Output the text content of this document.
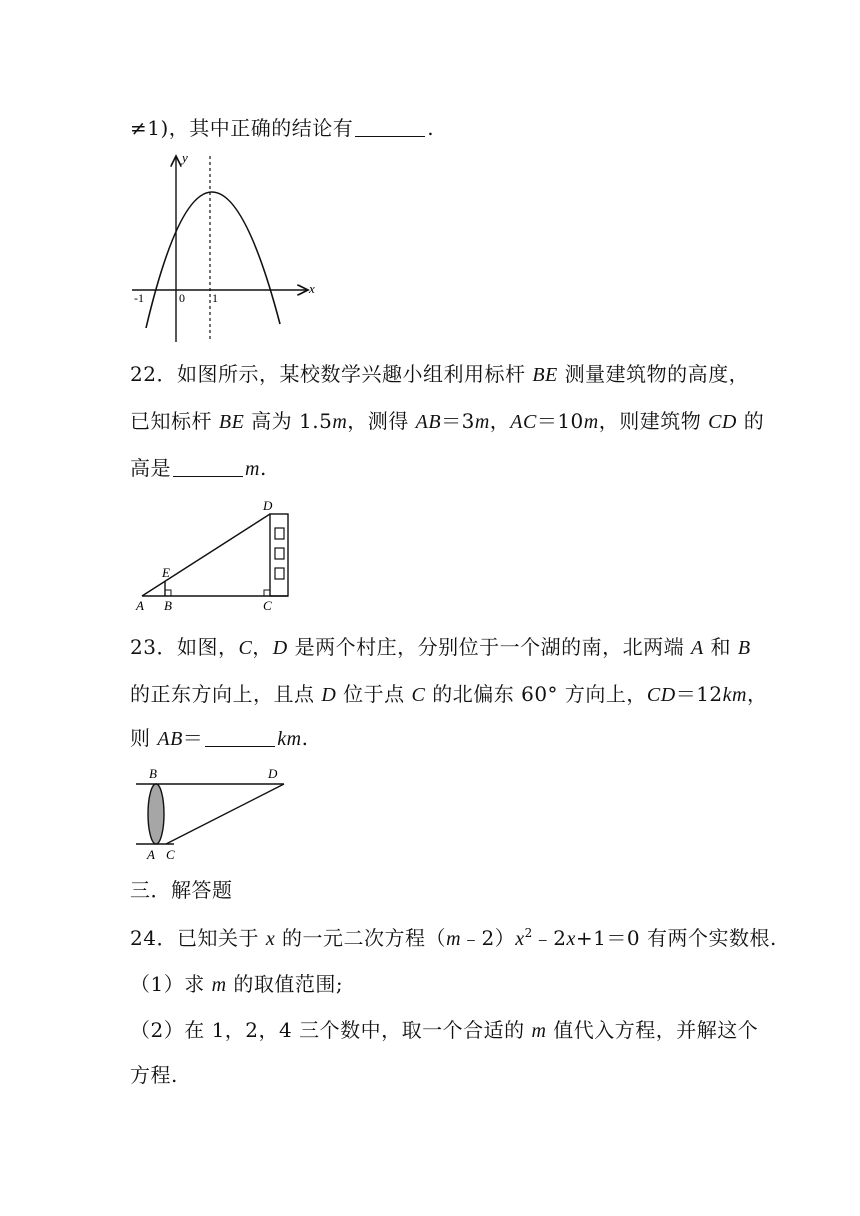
≠1)，其中正确的结论有	.
y
x
-1	0 1
22．如图所示，某校数学兴趣小组利用标杆 BE 测量建筑物的高度，
已知标杆 BE 高为 1.5m，测得 AB＝3m，AC＝10m，则建筑物 CD 的
高是	m.
D
E
A B	C
23．如图，C，D 是两个村庄，分别位于一个湖的南，北两端 A 和 B
的正东方向上，且点 D 位于点 C 的北偏东 60° 方向上，CD＝12km，
则 AB＝	km.
B	D
A C
三．解答题
24．已知关于 x 的一元二次方程$(m﹣2)x^2﹣2x+1=0$ 有两个实数根.
（1）求 m 的取值范围;
（2）在 1，2，4 三个数中，取一个合适的 m 值代入方程，并解这个
方程.
